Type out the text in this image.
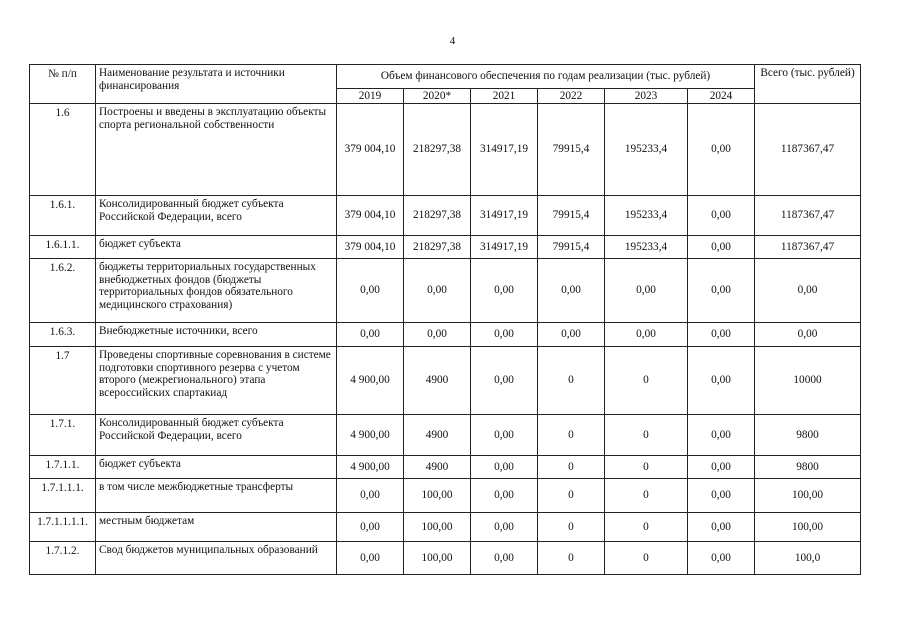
4
№ п/п	Наименование результата и источники финансирования	Объем финансового обеспечения по годам реализации (тыс. рублей)						Всего (тыс. рублей)
		2019	2020*	2021	2022	2023	2024	
1.6	Построены и введены в эксплуатацию объекты спорта региональной собственности	379 004,10	218297,38	314917,19	79915,4	195233,4	0,00	1187367,47
1.6.1.	Консолидированный бюджет субъекта Российской Федерации, всего	379 004,10	218297,38	314917,19	79915,4	195233,4	0,00	1187367,47
1.6.1.1.	бюджет субъекта	379 004,10	218297,38	314917,19	79915,4	195233,4	0,00	1187367,47
1.6.2.	бюджеты территориальных государственных внебюджетных фондов (бюджеты территориальных фондов обязательного медицинского страхования)	0,00	0,00	0,00	0,00	0,00	0,00	0,00
1.6.3.	Внебюджетные источники, всего	0,00	0,00	0,00	0,00	0,00	0,00	0,00
1.7	Проведены спортивные соревнования в системе подготовки спортивного резерва с учетом второго (межрегионального) этапа всероссийских спартакиад	4 900,00	4900	0,00	0	0	0,00	10000
1.7.1.	Консолидированный бюджет субъекта Российской Федерации, всего	4 900,00	4900	0,00	0	0	0,00	9800
1.7.1.1.	бюджет субъекта	4 900,00	4900	0,00	0	0	0,00	9800
1.7.1.1.1.	в том числе межбюджетные трансферты	0,00	100,00	0,00	0	0	0,00	100,00
1.7.1.1.1.1.	местным бюджетам	0,00	100,00	0,00	0	0	0,00	100,00
1.7.1.2.	Свод бюджетов муниципальных образований	0,00	100,00	0,00	0	0	0,00	100,0
